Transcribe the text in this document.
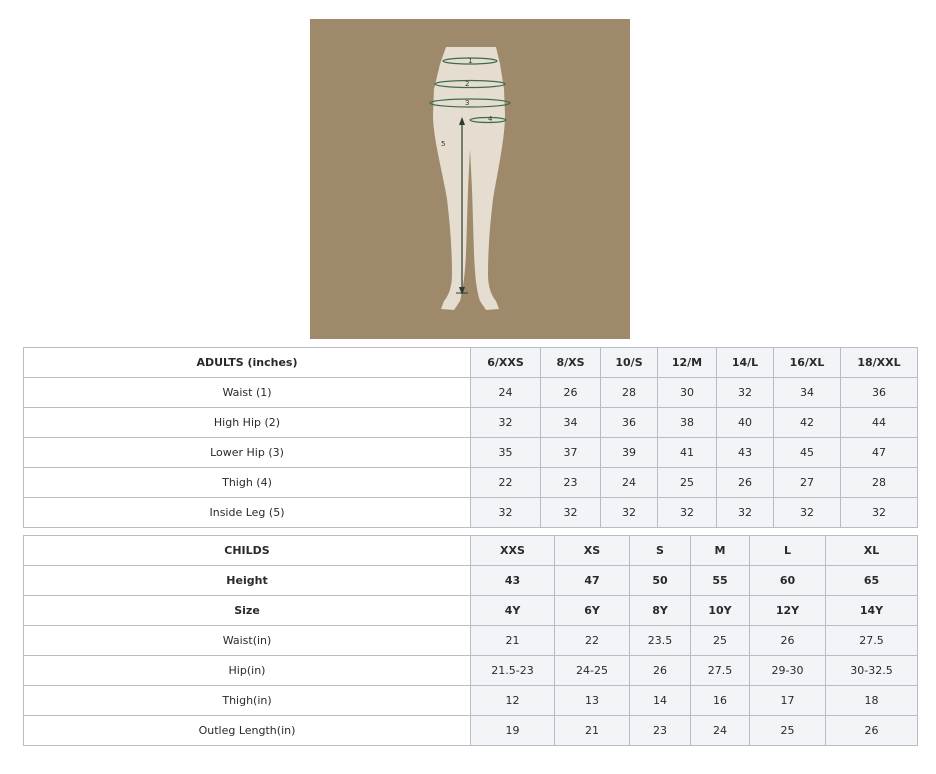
1
2
3
4
5
ADULTS (inches)	6/XXS	8/XS	10/S	12/M	14/L	16/XL	18/XXL
Waist (1)	24	26	28	30	32	34	36
High Hip (2)	32	34	36	38	40	42	44
Lower Hip (3)	35	37	39	41	43	45	47
Thigh (4)	22	23	24	25	26	27	28
Inside Leg (5)	32	32	32	32	32	32	32
CHILDS	XXS	XS	S	M	L	XL
Height	43	47	50	55	60	65
Size	4Y	6Y	8Y	10Y	12Y	14Y
Waist(in)	21	22	23.5	25	26	27.5
Hip(in)	21.5-23	24-25	26	27.5	29-30	30-32.5
Thigh(in)	12	13	14	16	17	18
Outleg Length(in)	19	21	23	24	25	26
